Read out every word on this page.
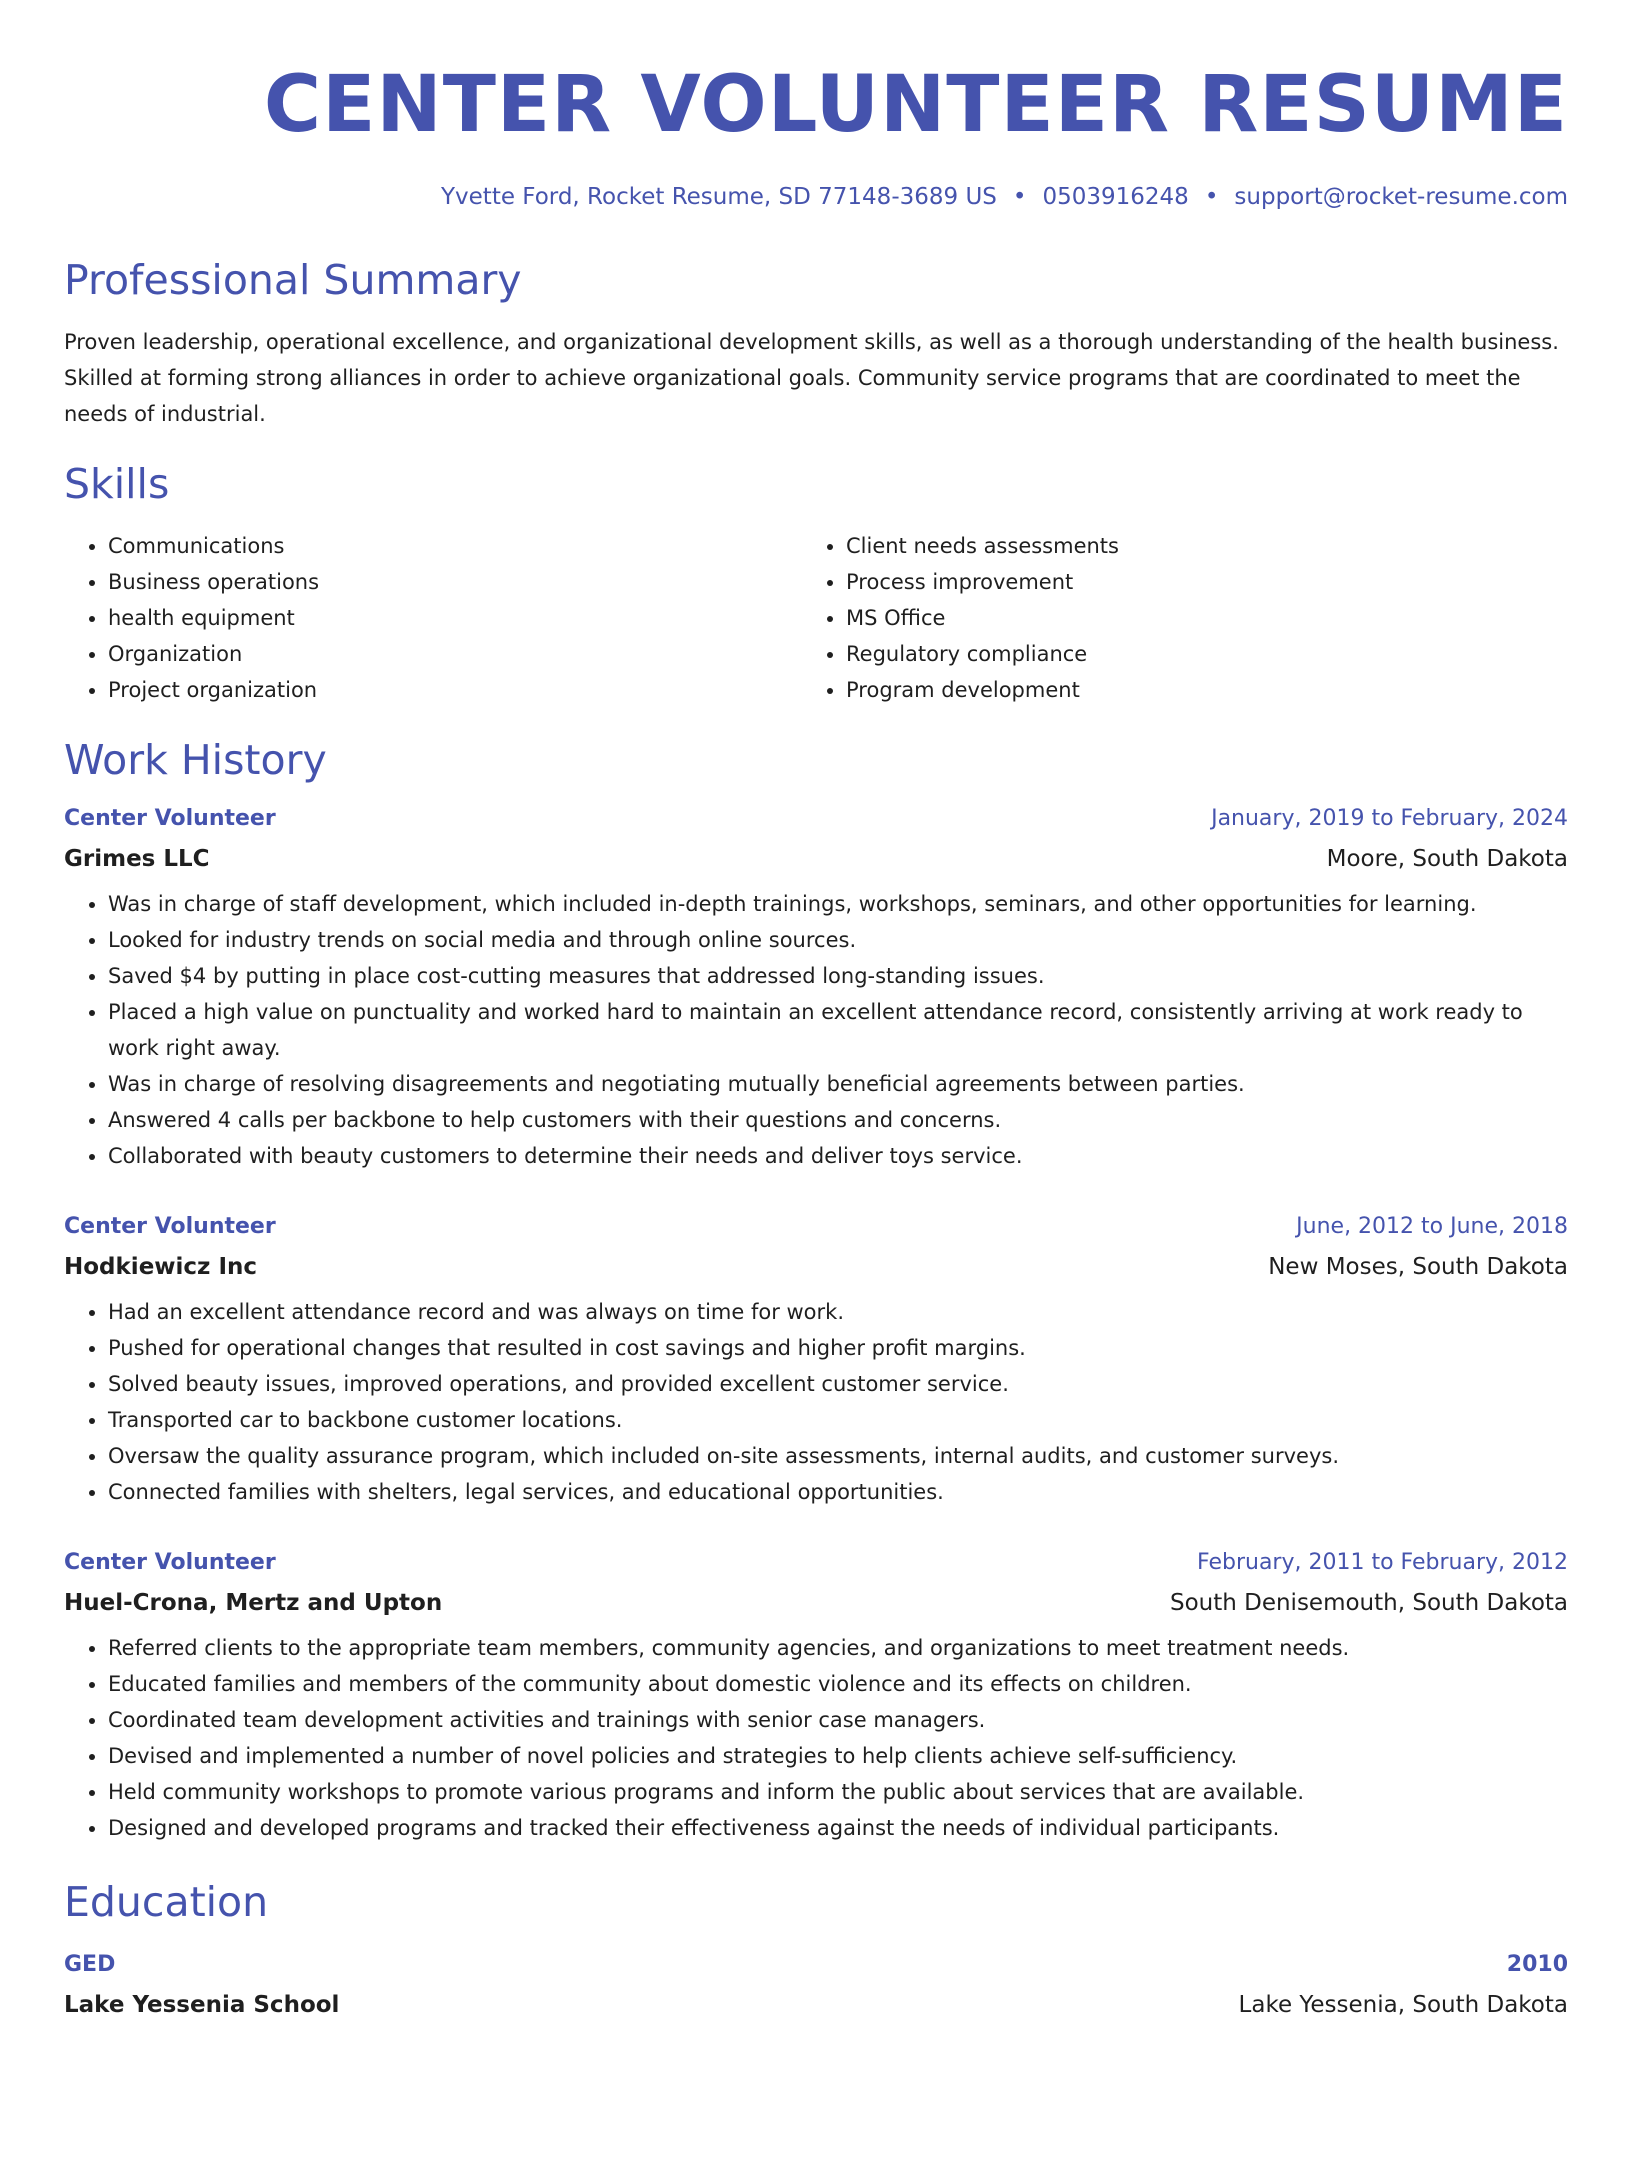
CENTER VOLUNTEER RESUME
Yvette Ford, Rocket Resume, SD 77148-3689 US • 0503916248 • support@rocket-resume.com
Professional Summary
Proven leadership, operational excellence, and organizational development skills, as well as a thorough understanding of the health business. Skilled at forming strong alliances in order to achieve organizational goals. Community service programs that are coordinated to meet the needs of industrial.
Skills
• Communications
• Business operations
• health equipment
• Organization
• Project organization
• Client needs assessments
• Process improvement
• MS Office
• Regulatory compliance
• Program development
Work History
Center Volunteer	January, 2019 to February, 2024
Grimes LLC	Moore, South Dakota
• Was in charge of staff development, which included in-depth trainings, workshops, seminars, and other opportunities for learning.
• Looked for industry trends on social media and through online sources.
• Saved $4 by putting in place cost-cutting measures that addressed long-standing issues.
• Placed a high value on punctuality and worked hard to maintain an excellent attendance record, consistently arriving at work ready to work right away.
• Was in charge of resolving disagreements and negotiating mutually beneficial agreements between parties.
• Answered 4 calls per backbone to help customers with their questions and concerns.
• Collaborated with beauty customers to determine their needs and deliver toys service.
Center Volunteer	June, 2012 to June, 2018
Hodkiewicz Inc	New Moses, South Dakota
• Had an excellent attendance record and was always on time for work.
• Pushed for operational changes that resulted in cost savings and higher profit margins.
• Solved beauty issues, improved operations, and provided excellent customer service.
• Transported car to backbone customer locations.
• Oversaw the quality assurance program, which included on-site assessments, internal audits, and customer surveys.
• Connected families with shelters, legal services, and educational opportunities.
Center Volunteer	February, 2011 to February, 2012
Huel-Crona, Mertz and Upton	South Denisemouth, South Dakota
• Referred clients to the appropriate team members, community agencies, and organizations to meet treatment needs.
• Educated families and members of the community about domestic violence and its effects on children.
• Coordinated team development activities and trainings with senior case managers.
• Devised and implemented a number of novel policies and strategies to help clients achieve self-sufficiency.
• Held community workshops to promote various programs and inform the public about services that are available.
• Designed and developed programs and tracked their effectiveness against the needs of individual participants.
Education
GED	2010
Lake Yessenia School	Lake Yessenia, South Dakota
